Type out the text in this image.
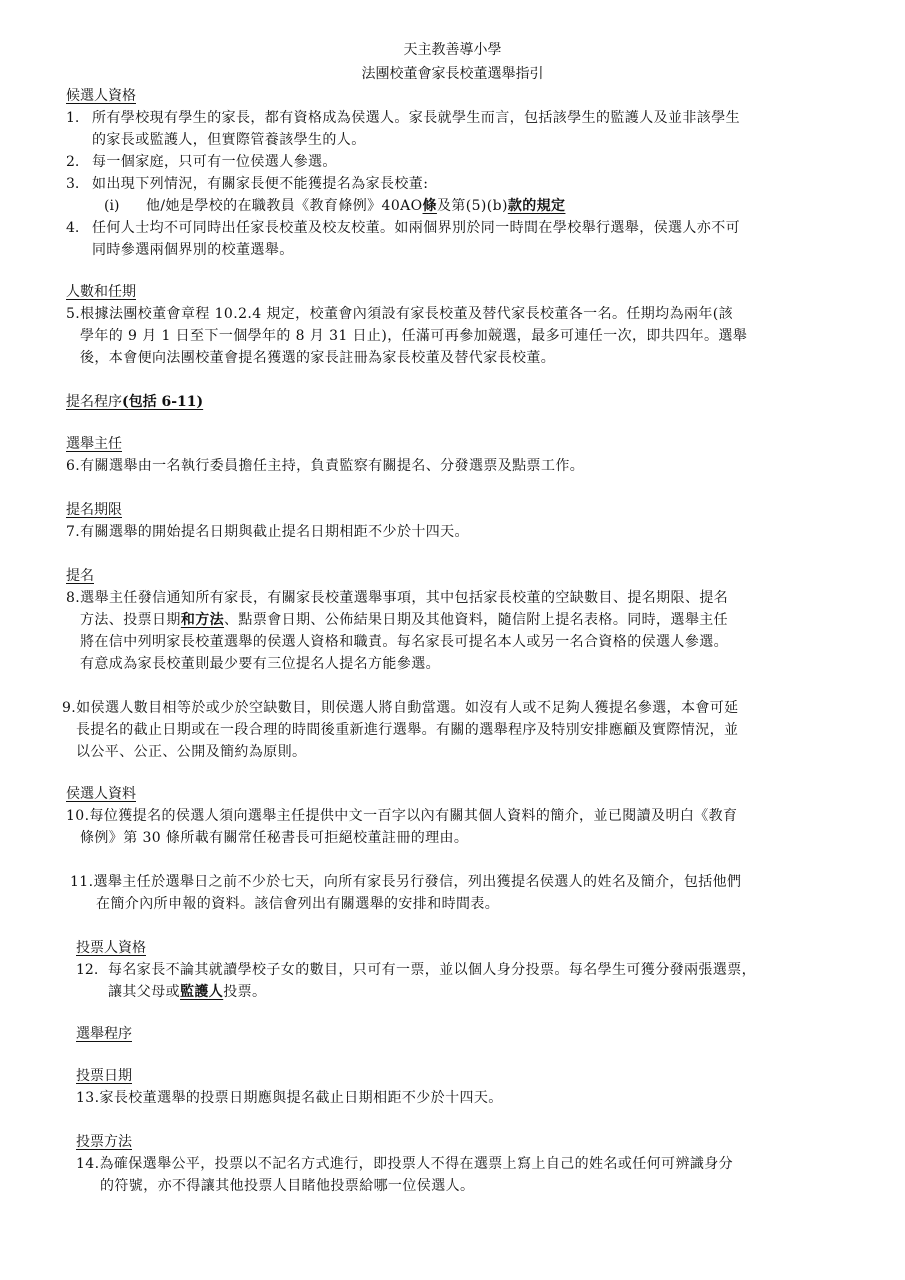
天主教善導小學
法團校董會家長校董選舉指引
候選人資格
1. 所有學校現有學生的家長，都有資格成為侯選人。家長就學生而言，包括該學生的監護人及並非該學生
的家長或監護人，但實際管養該學生的人。
2. 每一個家庭，只可有一位侯選人參選。
3. 如出現下列情況，有關家長便不能獲提名為家長校董:
(i) 他/她是學校的在職教員《教育條例》40AO條及第(5)(b)款的規定
4. 任何人士均不可同時出任家長校董及校友校董。如兩個界別於同一時間在學校舉行選舉，侯選人亦不可
同時參選兩個界別的校董選舉。
人數和任期
5.根據法團校董會章程 10.2.4 規定，校董會內須設有家長校董及替代家長校董各一名。任期均為兩年(該
學年的 9 月 1 日至下一個學年的 8 月 31 日止)，任滿可再參加競選，最多可連任一次，即共四年。選舉
後，本會便向法團校董會提名獲選的家長註冊為家長校董及替代家長校董。
提名程序(包括 6-11)
選舉主任
6.有關選舉由一名執行委員擔任主持，負責監察有關提名、分發選票及點票工作。
提名期限
7.有關選舉的開始提名日期與截止提名日期相距不少於十四天。
提名
8.選舉主任發信通知所有家長，有關家長校董選舉事項，其中包括家長校董的空缺數目、提名期限、提名
方法、投票日期和方法、點票會日期、公佈結果日期及其他資料，隨信附上提名表格。同時，選舉主任
將在信中列明家長校董選舉的侯選人資格和職責。每名家長可提名本人或另一名合資格的侯選人參選。
有意成為家長校董則最少要有三位提名人提名方能參選。
9.如侯選人數目相等於或少於空缺數目，則侯選人將自動當選。如沒有人或不足夠人獲提名參選，本會可延
長提名的截止日期或在一段合理的時間後重新進行選舉。有關的選舉程序及特別安排應顧及實際情況，並
以公平、公正、公開及簡約為原則。
侯選人資料
10.每位獲提名的侯選人須向選舉主任提供中文一百字以內有關其個人資料的簡介，並已閱讀及明白《教育
條例》第 30 條所載有關常任秘書長可拒絕校董註冊的理由。
11.選舉主任於選舉日之前不少於七天，向所有家長另行發信，列出獲提名侯選人的姓名及簡介，包括他們
在簡介內所申報的資料。該信會列出有關選舉的安排和時間表。
投票人資格
12. 每名家長不論其就讀學校子女的數目，只可有一票，並以個人身分投票。每名學生可獲分發兩張選票，
讓其父母或監護人投票。
選舉程序
投票日期
13.家長校董選舉的投票日期應與提名截止日期相距不少於十四天。
投票方法
14.為確保選舉公平，投票以不記名方式進行，即投票人不得在選票上寫上自己的姓名或任何可辨識身分
的符號，亦不得讓其他投票人目睹他投票給哪一位侯選人。
